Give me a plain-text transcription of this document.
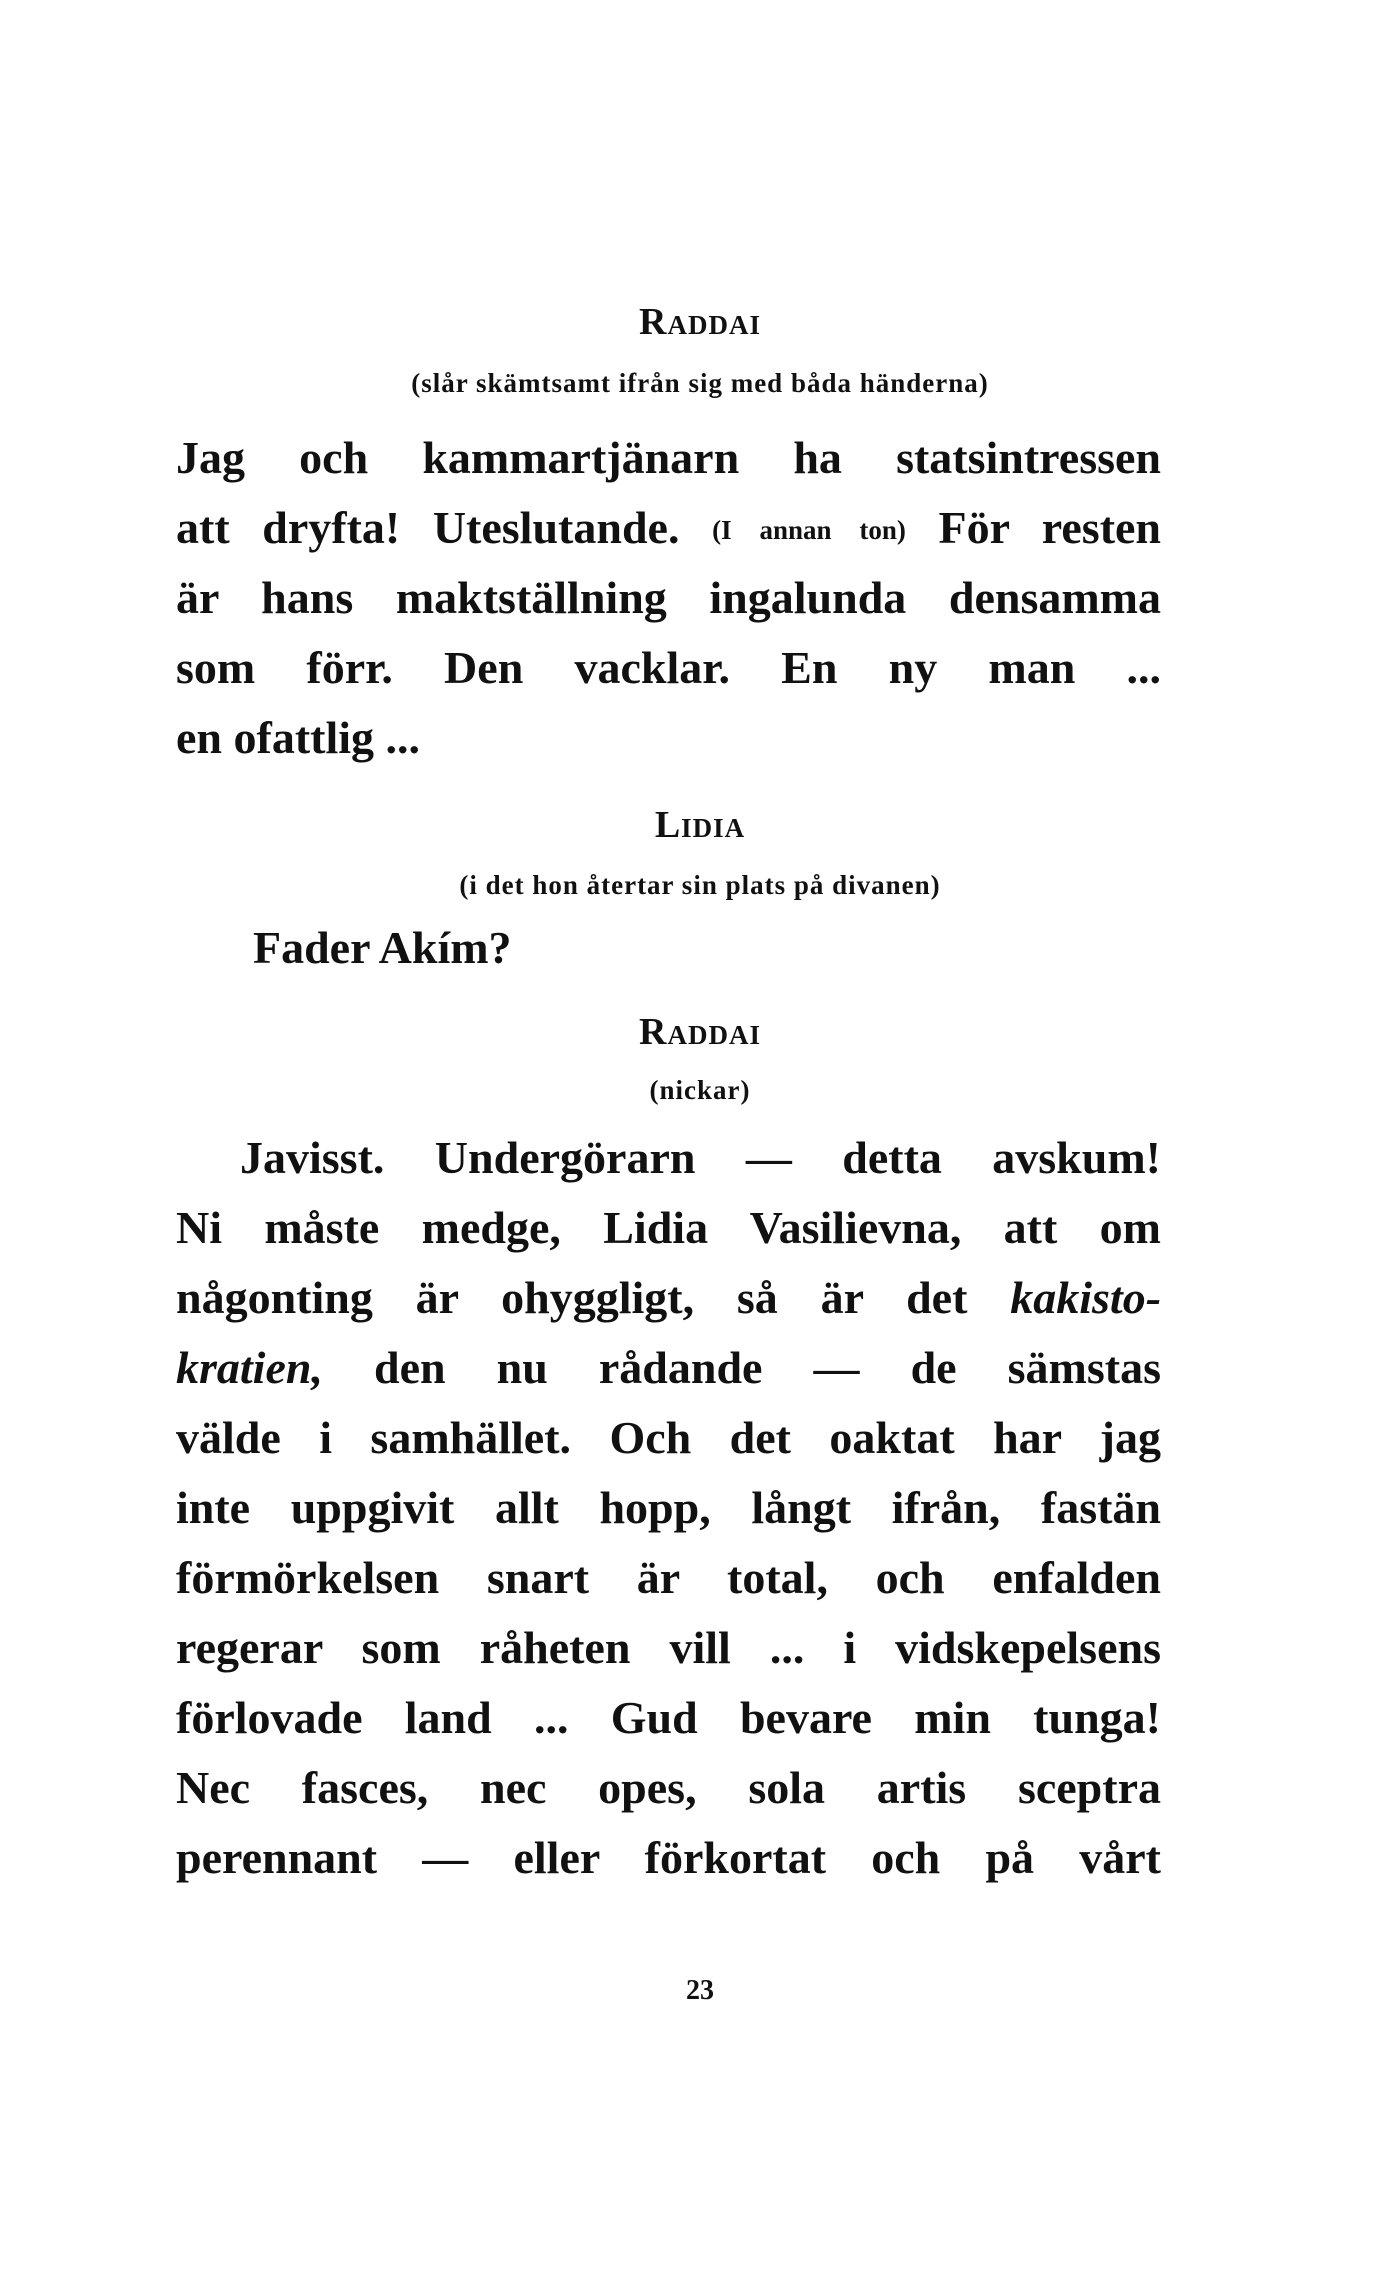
Raddai
(slår skämtsamt ifrån sig med båda händerna)
Jag och kammartjänarn ha statsintressen
att dryfta! Uteslutande. (I annan ton) För resten
är hans maktställning ingalunda densamma
som förr. Den vacklar. En ny man ...
en ofattlig ...
Lidia
(i det hon återtar sin plats på divanen)
Fader Akím?
Raddai
(nickar)
Javisst. Undergörarn — detta avskum!
Ni måste medge, Lidia Vasilievna, att om
någonting är ohyggligt, så är det kakisto-
kratien, den nu rådande — de sämstas
välde i samhället. Och det oaktat har jag
inte uppgivit allt hopp, långt ifrån, fastän
förmörkelsen snart är total, och enfalden
regerar som råheten vill ... i vidskepelsens
förlovade land ... Gud bevare min tunga!
Nec fasces, nec opes, sola artis sceptra
perennant — eller förkortat och på vårt
23
